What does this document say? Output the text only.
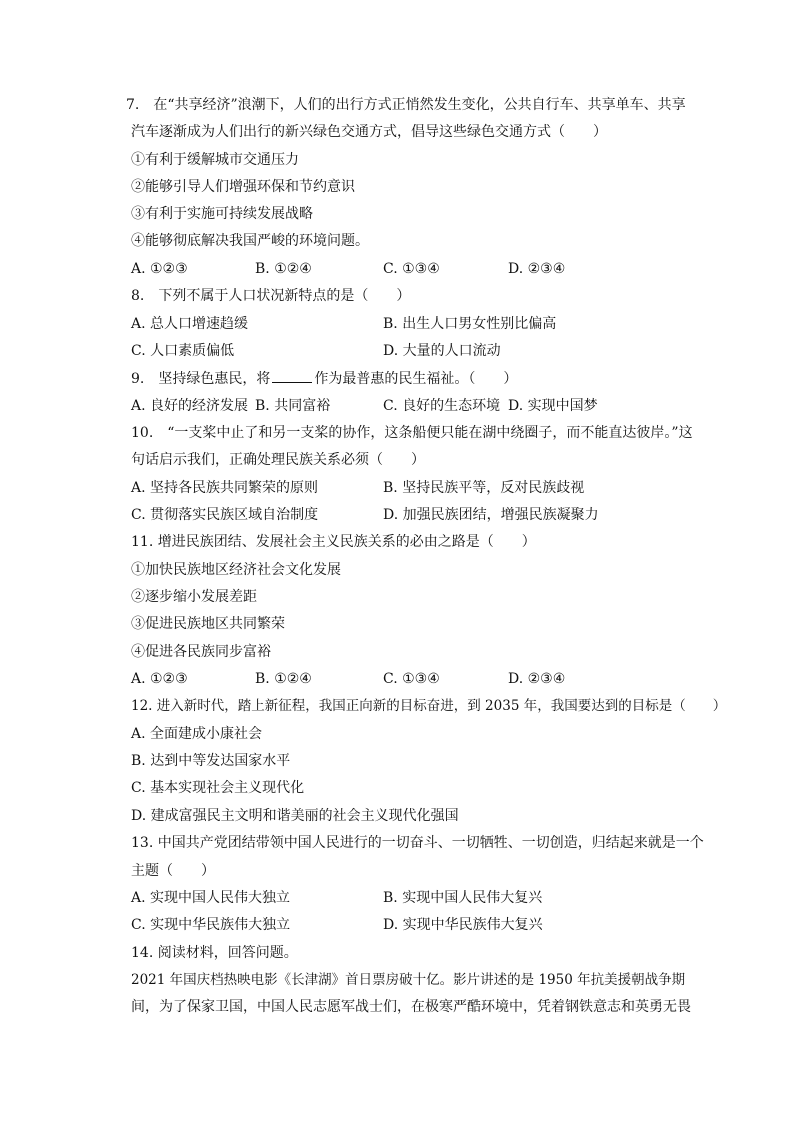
7.　在“共享经济”浪潮下，人们的出行方式正悄然发生变化，公共自行车、共享单车、共享
汽车逐渐成为人们出行的新兴绿色交通方式，倡导这些绿色交通方式（　　）
①有利于缓解城市交通压力
②能够引导人们增强环保和节约意识
③有利于实施可持续发展战略
④能够彻底解决我国严峻的环境问题。
A. ①②③	B. ①②④	C. ①③④	D. ②③④
8.　下列不属于人口状况新特点的是（　　）
A. 总人口增速趋缓	B. 出生人口男女性别比偏高
C. 人口素质偏低	D. 大量的人口流动
9.　坚持绿色惠民，将	作为最普惠的民生福祉。（　　）
A. 良好的经济发展 B. 共同富裕	C. 良好的生态环境 D. 实现中国梦
10.　“一支桨中止了和另一支桨的协作，这条船便只能在湖中绕圈子，而不能直达彼岸。”这
句话启示我们，正确处理民族关系必须（　　）
A. 坚持各民族共同繁荣的原则	B. 坚持民族平等，反对民族歧视
C. 贯彻落实民族区域自治制度	D. 加强民族团结，增强民族凝聚力
11. 增进民族团结、发展社会主义民族关系的必由之路是（　　）
①加快民族地区经济社会文化发展
②逐步缩小发展差距
③促进民族地区共同繁荣
④促进各民族同步富裕
A. ①②③	B. ①②④	C. ①③④	D. ②③④
12. 进入新时代，踏上新征程，我国正向新的目标奋进，到 2035 年，我国要达到的目标是（　　）
A. 全面建成小康社会
B. 达到中等发达国家水平
C. 基本实现社会主义现代化
D. 建成富强民主文明和谐美丽的社会主义现代化强国
13. 中国共产党团结带领中国人民进行的一切奋斗、一切牺牲、一切创造，归结起来就是一个
主题（　　）
A. 实现中国人民伟大独立	B. 实现中国人民伟大复兴
C. 实现中华民族伟大独立	D. 实现中华民族伟大复兴
14. 阅读材料，回答问题。
2021 年国庆档热映电影《长津湖》首日票房破十亿。影片讲述的是 1950 年抗美援朝战争期
间，为了保家卫国，中国人民志愿军战士们，在极寒严酷环境中，凭着钢铁意志和英勇无畏
